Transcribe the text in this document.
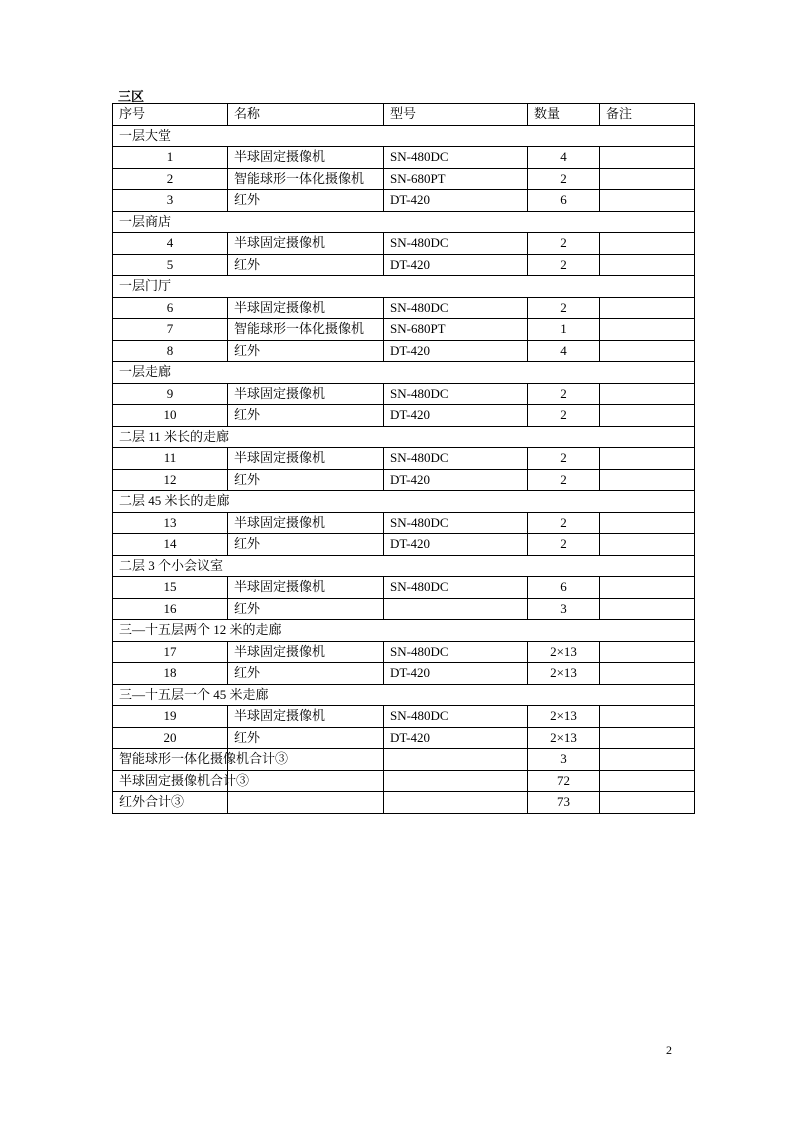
三区
序号	名称	型号	数量	备注
一层大堂				
1	半球固定摄像机	SN-480DC	4	
2	智能球形一体化摄像机	SN-680PT	2	
3	红外	DT-420	6	
一层商店				
4	半球固定摄像机	SN-480DC	2	
5	红外	DT-420	2	
一层门厅				
6	半球固定摄像机	SN-480DC	2	
7	智能球形一体化摄像机	SN-680PT	1	
8	红外	DT-420	4	
一层走廊				
9	半球固定摄像机	SN-480DC	2	
10	红外	DT-420	2	
二层 11 米长的走廊				
11	半球固定摄像机	SN-480DC	2	
12	红外	DT-420	2	
二层 45 米长的走廊				
13	半球固定摄像机	SN-480DC	2	
14	红外	DT-420	2	
二层 3 个小会议室				
15	半球固定摄像机	SN-480DC	6	
16	红外		3	
三—十五层两个 12 米的走廊				
17	半球固定摄像机	SN-480DC	2×13	
18	红外	DT-420	2×13	
三—十五层一个 45 米走廊				
19	半球固定摄像机	SN-480DC	2×13	
20	红外	DT-420	2×13	
智能球形一体化摄像机合计③			3	
半球固定摄像机合计③			72	
红外合计③			73	
2
